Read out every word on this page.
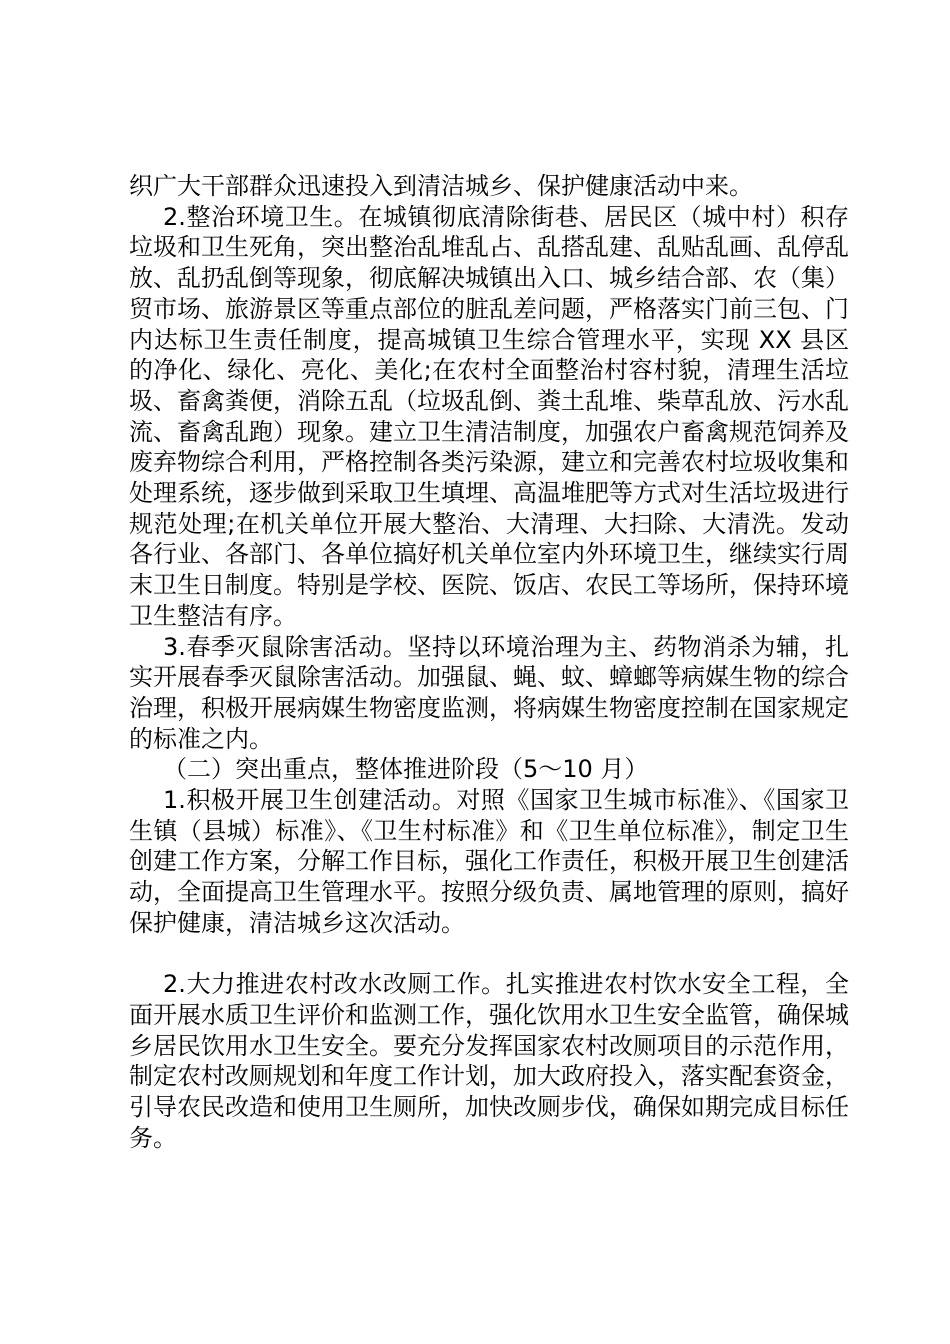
织广大干部群众迅速投入到清洁城乡、保护健康活动中来。

2.整治环境卫生。在城镇彻底清除街巷、居民区（城中村）积存垃圾和卫生死角，突出整治乱堆乱占、乱搭乱建、乱贴乱画、乱停乱放、乱扔乱倒等现象，彻底解决城镇出入口、城乡结合部、农（集）贸市场、旅游景区等重点部位的脏乱差问题，严格落实门前三包、门内达标卫生责任制度，提高城镇卫生综合管理水平，实现 XX 县区的净化、绿化、亮化、美化;在农村全面整治村容村貌，清理生活垃圾、畜禽粪便，消除五乱（垃圾乱倒、粪土乱堆、柴草乱放、污水乱流、畜禽乱跑）现象。建立卫生清洁制度，加强农户畜禽规范饲养及废弃物综合利用，严格控制各类污染源，建立和完善农村垃圾收集和处理系统，逐步做到采取卫生填埋、高温堆肥等方式对生活垃圾进行规范处理;在机关单位开展大整治、大清理、大扫除、大清洗。发动各行业、各部门、各单位搞好机关单位室内外环境卫生，继续实行周末卫生日制度。特别是学校、医院、饭店、农民工等场所，保持环境卫生整洁有序。

3.春季灭鼠除害活动。坚持以环境治理为主、药物消杀为辅，扎实开展春季灭鼠除害活动。加强鼠、蝇、蚊、蟑螂等病媒生物的综合治理，积极开展病媒生物密度监测，将病媒生物密度控制在国家规定的标准之内。

（二）突出重点，整体推进阶段（5～10 月）

1.积极开展卫生创建活动。对照《国家卫生城市标准》、《国家卫生镇（县城）标准》、《卫生村标准》和《卫生单位标准》，制定卫生创建工作方案，分解工作目标，强化工作责任，积极开展卫生创建活动，全面提高卫生管理水平。按照分级负责、属地管理的原则，搞好保护健康，清洁城乡这次活动。

2.大力推进农村改水改厕工作。扎实推进农村饮水安全工程，全面开展水质卫生评价和监测工作，强化饮用水卫生安全监管，确保城乡居民饮用水卫生安全。要充分发挥国家农村改厕项目的示范作用，制定农村改厕规划和年度工作计划，加大政府投入，落实配套资金，引导农民改造和使用卫生厕所，加快改厕步伐，确保如期完成目标任务。
